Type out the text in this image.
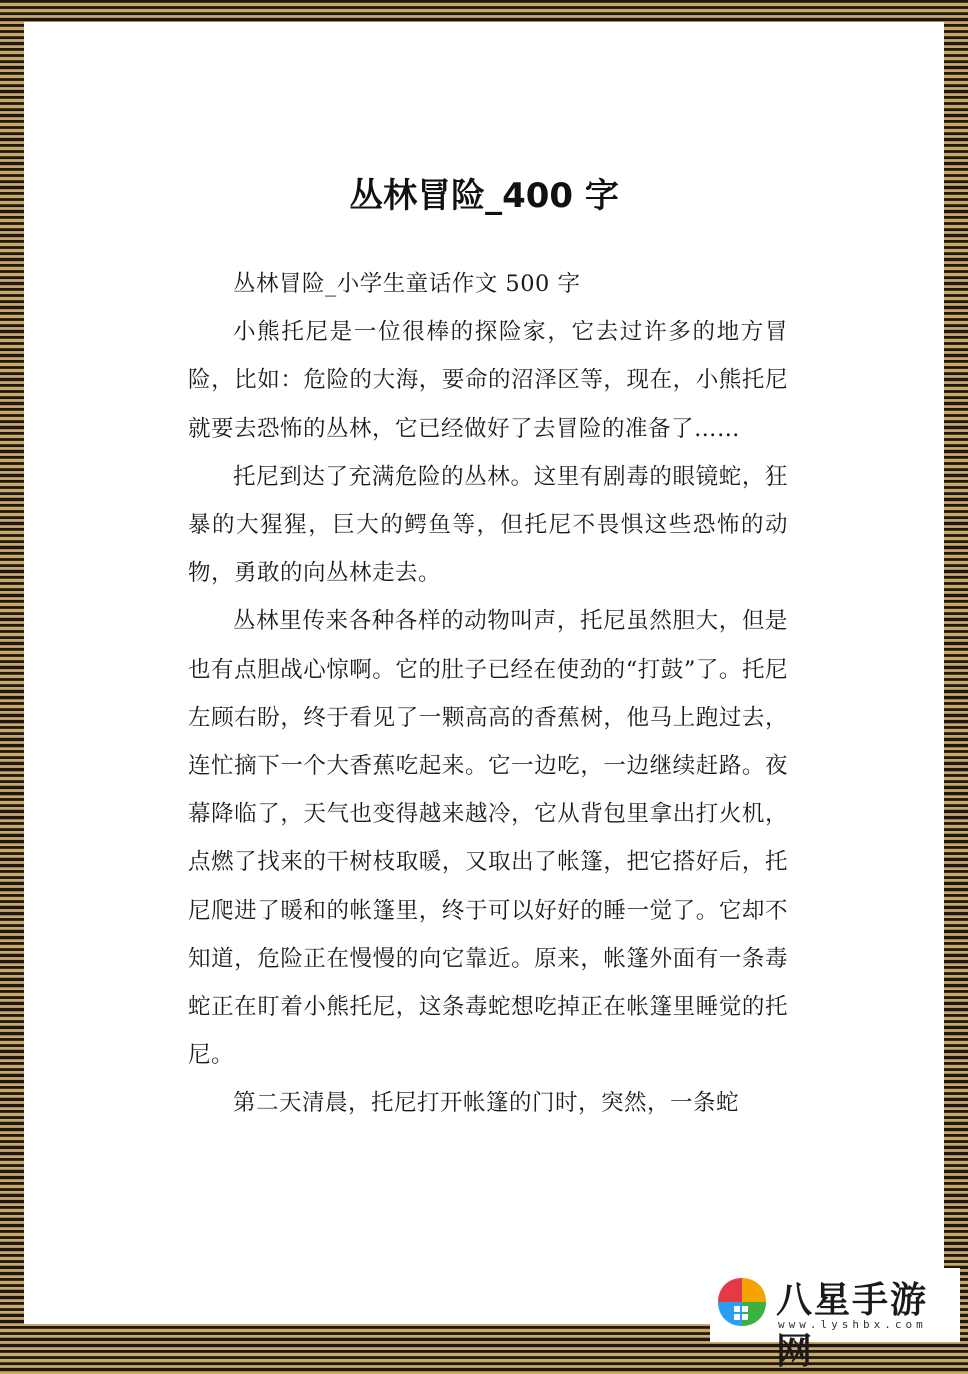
丛林冒险_400 字

丛林冒险_小学生童话作文 500 字

小熊托尼是一位很棒的探险家，它去过许多的地方冒险，比如：危险的大海，要命的沼泽区等，现在，小熊托尼就要去恐怖的丛林，它已经做好了去冒险的准备了……

托尼到达了充满危险的丛林。这里有剧毒的眼镜蛇，狂暴的大猩猩，巨大的鳄鱼等，但托尼不畏惧这些恐怖的动物，勇敢的向丛林走去。

丛林里传来各种各样的动物叫声，托尼虽然胆大，但是也有点胆战心惊啊。它的肚子已经在使劲的“打鼓”了。托尼左顾右盼，终于看见了一颗高高的香蕉树，他马上跑过去，连忙摘下一个大香蕉吃起来。它一边吃，一边继续赶路。夜幕降临了，天气也变得越来越冷，它从背包里拿出打火机，点燃了找来的干树枝取暖，又取出了帐篷，把它搭好后，托尼爬进了暖和的帐篷里，终于可以好好的睡一觉了。它却不知道，危险正在慢慢的向它靠近。原来，帐篷外面有一条毒蛇正在盯着小熊托尼，这条毒蛇想吃掉正在帐篷里睡觉的托尼。

第二天清晨，托尼打开帐篷的门时，突然，一条蛇

八星手游网
www.lyshbx.com
